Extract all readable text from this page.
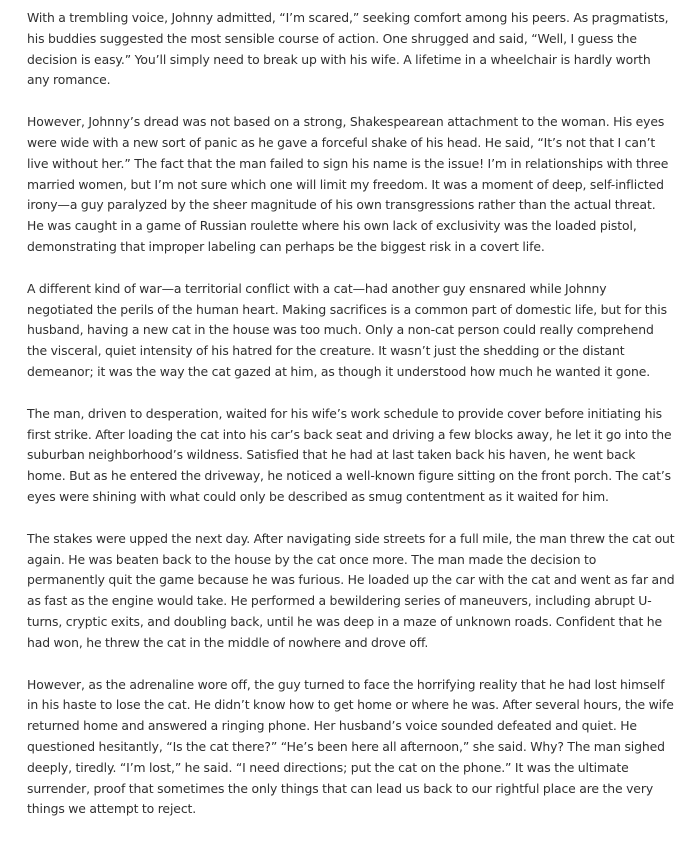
With a trembling voice, Johnny admitted, “I’m scared,” seeking comfort among his peers. As pragmatists, his buddies suggested the most sensible course of action. One shrugged and said, “Well, I guess the decision is easy.” You’ll simply need to break up with his wife. A lifetime in a wheelchair is hardly worth any romance.

However, Johnny’s dread was not based on a strong, Shakespearean attachment to the woman. His eyes were wide with a new sort of panic as he gave a forceful shake of his head. He said, “It’s not that I can’t live without her.” The fact that the man failed to sign his name is the issue! I’m in relationships with three married women, but I’m not sure which one will limit my freedom. It was a moment of deep, self-inflicted irony—a guy paralyzed by the sheer magnitude of his own transgressions rather than the actual threat. He was caught in a game of Russian roulette where his own lack of exclusivity was the loaded pistol, demonstrating that improper labeling can perhaps be the biggest risk in a covert life.

A different kind of war—a territorial conflict with a cat—had another guy ensnared while Johnny negotiated the perils of the human heart. Making sacrifices is a common part of domestic life, but for this husband, having a new cat in the house was too much. Only a non-cat person could really comprehend the visceral, quiet intensity of his hatred for the creature. It wasn’t just the shedding or the distant demeanor; it was the way the cat gazed at him, as though it understood how much he wanted it gone.

The man, driven to desperation, waited for his wife’s work schedule to provide cover before initiating his first strike. After loading the cat into his car’s back seat and driving a few blocks away, he let it go into the suburban neighborhood’s wildness. Satisfied that he had at last taken back his haven, he went back home. But as he entered the driveway, he noticed a well-known figure sitting on the front porch. The cat’s eyes were shining with what could only be described as smug contentment as it waited for him.

The stakes were upped the next day. After navigating side streets for a full mile, the man threw the cat out again. He was beaten back to the house by the cat once more. The man made the decision to permanently quit the game because he was furious. He loaded up the car with the cat and went as far and as fast as the engine would take. He performed a bewildering series of maneuvers, including abrupt U-turns, cryptic exits, and doubling back, until he was deep in a maze of unknown roads. Confident that he had won, he threw the cat in the middle of nowhere and drove off.

However, as the adrenaline wore off, the guy turned to face the horrifying reality that he had lost himself in his haste to lose the cat. He didn’t know how to get home or where he was. After several hours, the wife returned home and answered a ringing phone. Her husband’s voice sounded defeated and quiet. He questioned hesitantly, “Is the cat there?” “He’s been here all afternoon,” she said. Why? The man sighed deeply, tiredly. “I’m lost,” he said. “I need directions; put the cat on the phone.” It was the ultimate surrender, proof that sometimes the only things that can lead us back to our rightful place are the very things we attempt to reject.
